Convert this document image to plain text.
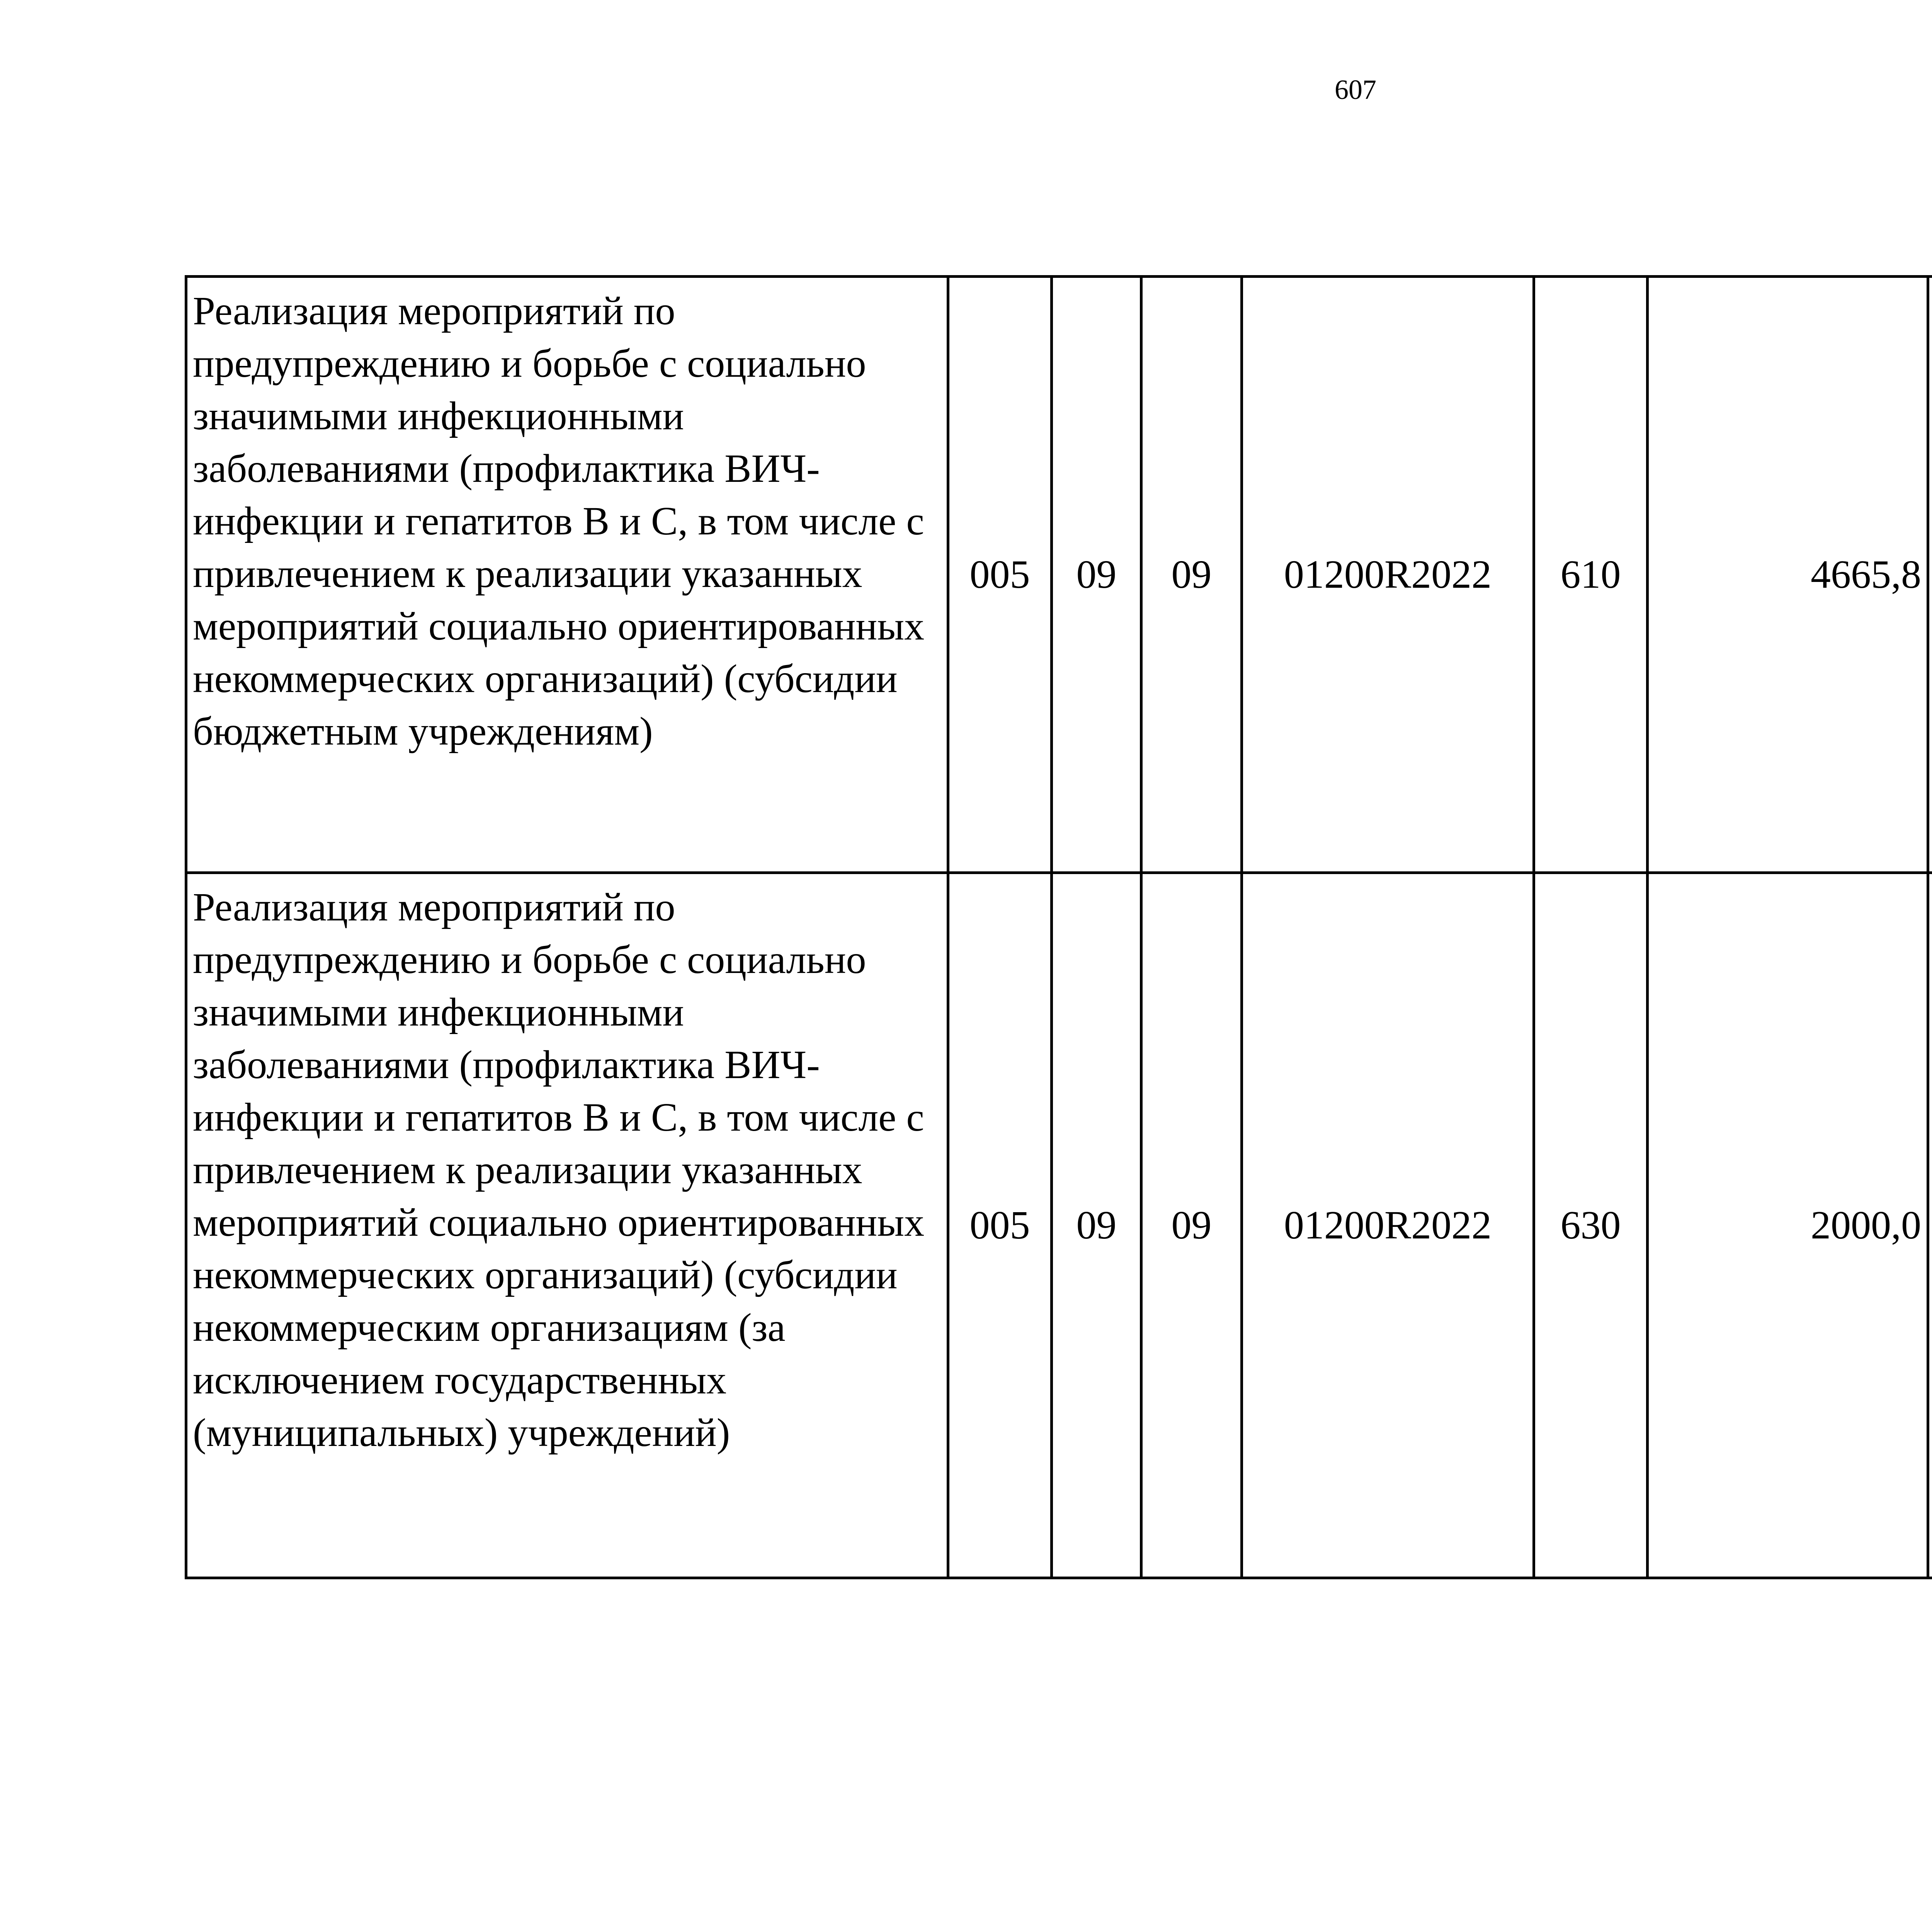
607
Реализация мероприятий по предупреждению и борьбе с социально значимыми инфекционными заболеваниями (профилактика ВИЧ-инфекции и гепатитов B и C, в том числе с привлечением к реализации указанных мероприятий социально ориентированных некоммерческих организаций) (субсидии бюджетным учреждениям)	005	09	09	01200R2022	610	4665,8		
Реализация мероприятий по предупреждению и борьбе с социально значимыми инфекционными заболеваниями (профилактика ВИЧ-инфекции и гепатитов B и C, в том числе с привлечением к реализации указанных мероприятий социально ориентированных некоммерческих организаций) (субсидии некоммерческим организациям (за исключением государственных (муниципальных) учреждений)	005	09	09	01200R2022	630	2000,0		
